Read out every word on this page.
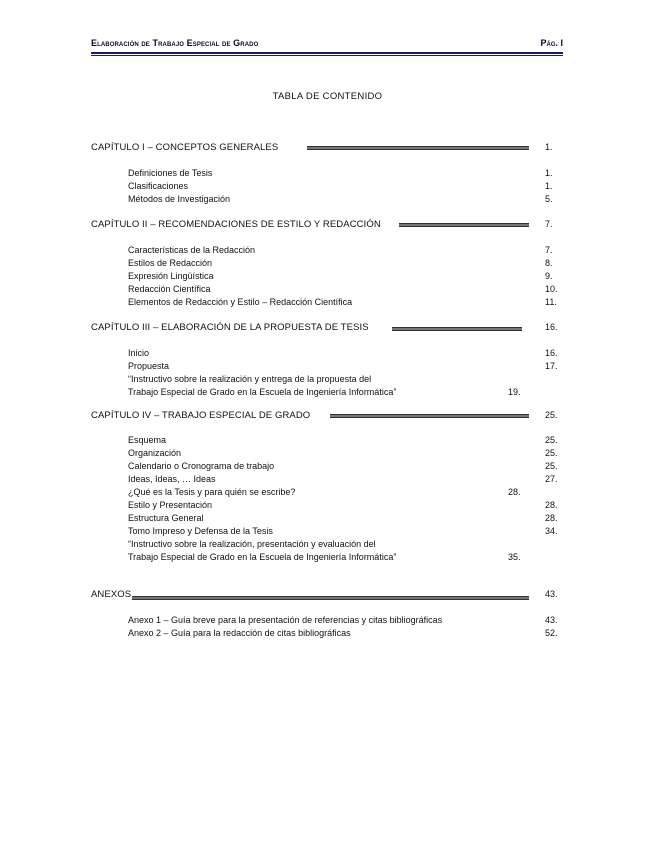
Elaboración de Trabajo Especial de Grado	Pág. I
TABLA DE CONTENIDO
CAPÍTULO I – CONCEPTOS GENERALES	1.
Definiciones de Tesis	1.
Clasificaciones	1.
Métodos de Investigación	5.
CAPÍTULO II – RECOMENDACIONES DE ESTILO Y REDACCIÓN	7.
Características de la Redacción	7.
Estilos de Redacción	8.
Expresión Lingüística	9.
Redacción Científica	10.
Elementos de Redacción y Estilo – Redacción Científica	11.
CAPÍTULO III – ELABORACIÓN DE LA PROPUESTA DE TESIS	16.
Inicio	16.
Propuesta	17.
“Instructivo sobre la realización y entrega de la propuesta del
Trabajo Especial de Grado en la Escuela de Ingeniería Informática”	19.
CAPÍTULO IV – TRABAJO ESPECIAL DE GRADO	25.
Esquema	25.
Organización	25.
Calendario o Cronograma de trabajo	25.
Ideas, Ideas, … Ideas	27.
¿Qué es la Tesis y para quién se escribe?	28.
Estilo y Presentación	28.
Estructura General	28.
Tomo Impreso y Defensa de la Tesis	34.
“Instructivo sobre la realización, presentación y evaluación del
Trabajo Especial de Grado en la Escuela de Ingeniería Informática”	35.
ANEXOS	43.
Anexo 1 – Guía breve para la presentación de referencias y citas bibliográficas	43.
Anexo 2 – Guía para la redacción de citas bibliográficas	52.
